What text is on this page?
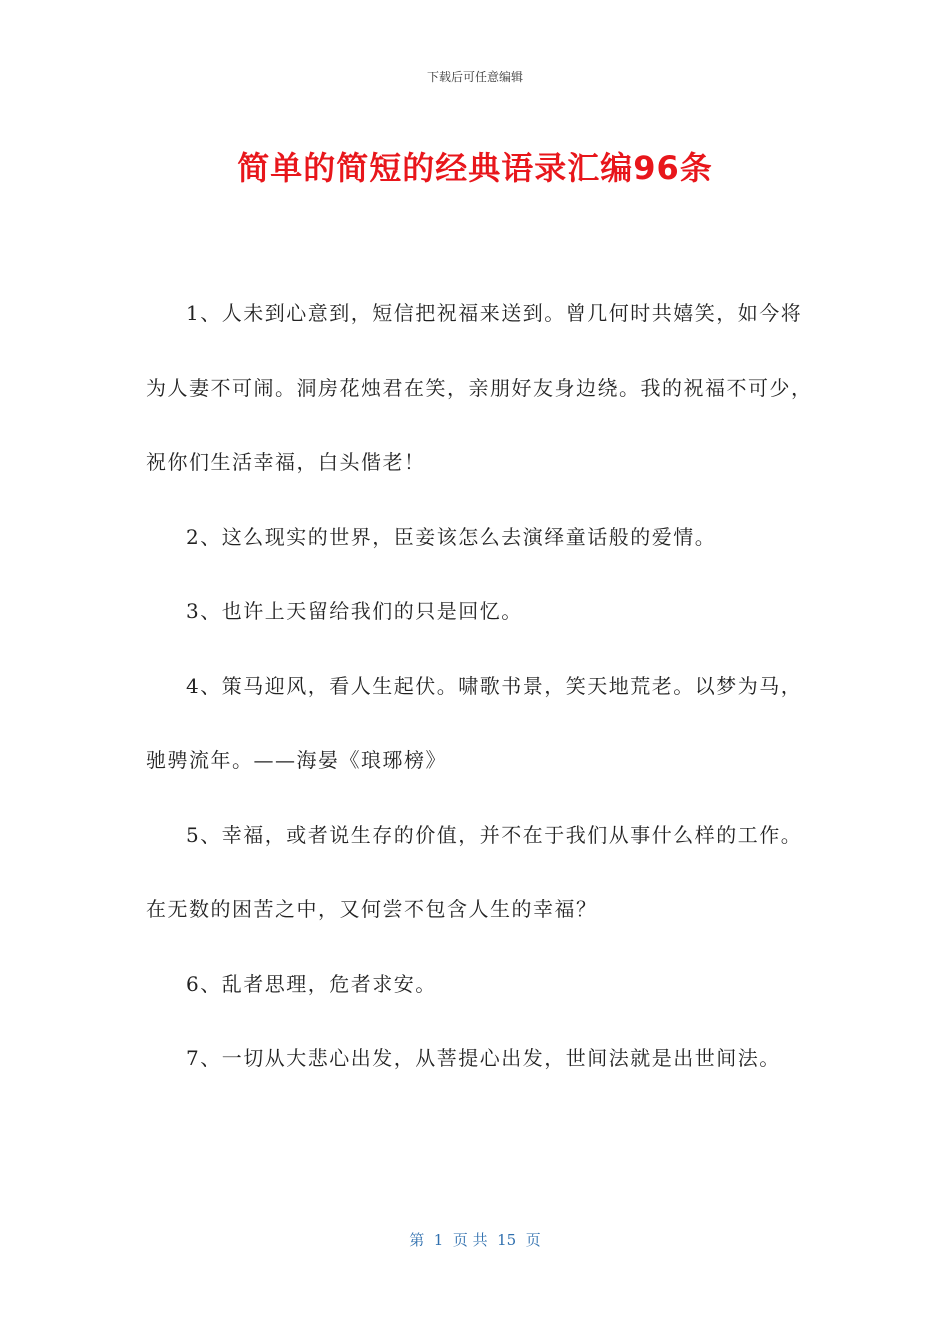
下载后可任意编辑
简单的简短的经典语录汇编96条

1、人未到心意到，短信把祝福来送到。曾几何时共嬉笑，如今将为人妻不可闹。洞房花烛君在笑，亲朋好友身边绕。我的祝福不可少，祝你们生活幸福，白头偕老！

2、这么现实的世界，臣妾该怎么去演绎童话般的爱情。

3、也许上天留给我们的只是回忆。

4、策马迎风，看人生起伏。啸歌书景，笑天地荒老。以梦为马，驰骋流年。——海晏《琅琊榜》

5、幸福，或者说生存的价值，并不在于我们从事什么样的工作。在无数的困苦之中，又何尝不包含人生的幸福？

6、乱者思理，危者求安。

7、一切从大悲心出发，从菩提心出发，世间法就是出世间法。

第  1  页 共  15  页
